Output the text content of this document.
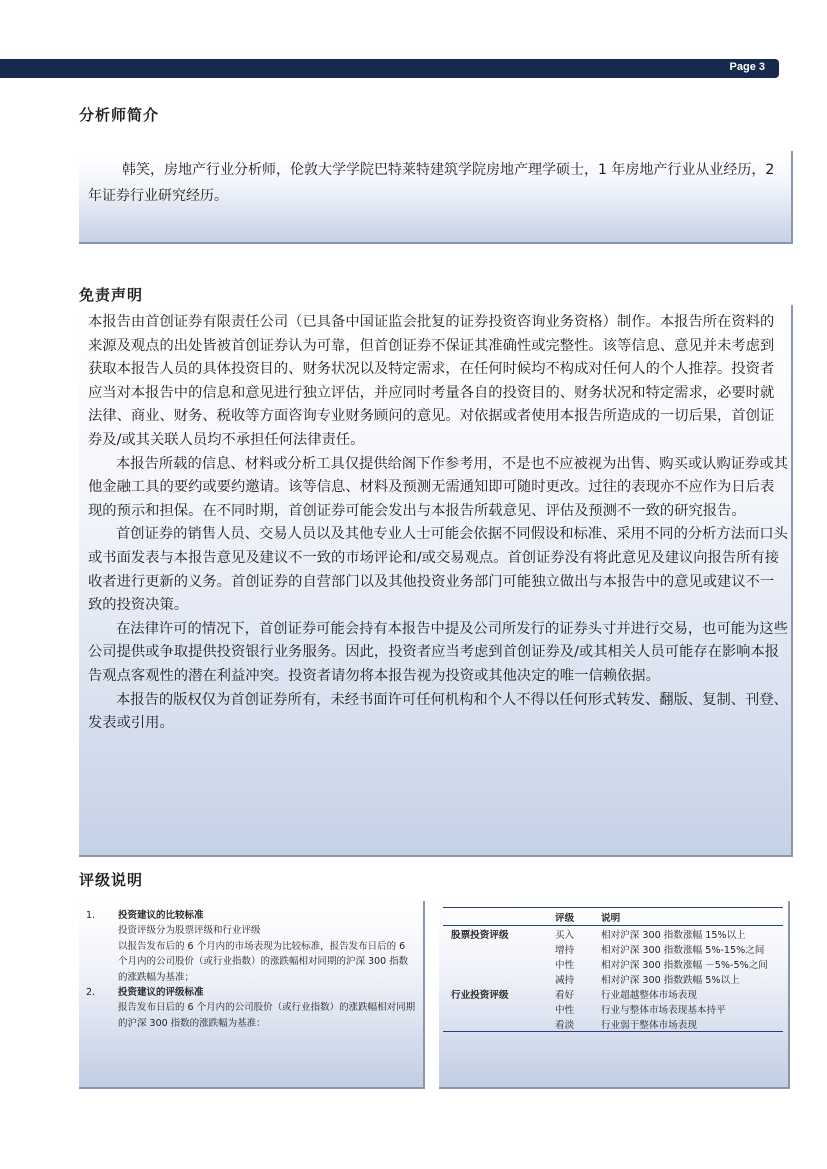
Page 3
分析师简介
韩笑，房地产行业分析师，伦敦大学学院巴特莱特建筑学院房地产理学硕士，1 年房地产行业从业经历，2 年证券行业研究经历。
免责声明

本报告由首创证券有限责任公司（已具备中国证监会批复的证券投资咨询业务资格）制作。本报告所在资料的来源及观点的出处皆被首创证券认为可靠，但首创证券不保证其准确性或完整性。该等信息、意见并未考虑到获取本报告人员的具体投资目的、财务状况以及特定需求，在任何时候均不构成对任何人的个人推荐。投资者应当对本报告中的信息和意见进行独立评估，并应同时考量各自的投资目的、财务状况和特定需求，必要时就法律、商业、财务、税收等方面咨询专业财务顾问的意见。对依据或者使用本报告所造成的一切后果，首创证券及/或其关联人员均不承担任何法律责任。

本报告所载的信息、材料或分析工具仅提供给阁下作参考用，不是也不应被视为出售、购买或认购证券或其他金融工具的要约或要约邀请。该等信息、材料及预测无需通知即可随时更改。过往的表现亦不应作为日后表现的预示和担保。在不同时期，首创证券可能会发出与本报告所载意见、评估及预测不一致的研究报告。

首创证券的销售人员、交易人员以及其他专业人士可能会依据不同假设和标准、采用不同的分析方法而口头或书面发表与本报告意见及建议不一致的市场评论和/或交易观点。首创证券没有将此意见及建议向报告所有接收者进行更新的义务。首创证券的自营部门以及其他投资业务部门可能独立做出与本报告中的意见或建议不一致的投资决策。

在法律许可的情况下，首创证券可能会持有本报告中提及公司所发行的证券头寸并进行交易，也可能为这些公司提供或争取提供投资银行业务服务。因此，投资者应当考虑到首创证券及/或其相关人员可能存在影响本报告观点客观性的潜在利益冲突。投资者请勿将本报告视为投资或其他决定的唯一信赖依据。

本报告的版权仅为首创证券所有，未经书面许可任何机构和个人不得以任何形式转发、翻版、复制、刊登、发表或引用。

评级说明
1.	投资建议的比较标准
投资评级分为股票评级和行业评级
以报告发布后的 6 个月内的市场表现为比较标准，报告发布日后的 6 个月内的公司股价（或行业指数）的涨跌幅相对同期的沪深 300 指数的涨跌幅为基准；
2.	投资建议的评级标准
报告发布日后的 6 个月内的公司股价（或行业指数）的涨跌幅相对同期的沪深 300 指数的涨跌幅为基准：
	评级	说明
股票投资评级	买入	相对沪深 300 指数涨幅 15%以上
	增持	相对沪深 300 指数涨幅 5%-15%之间
	中性	相对沪深 300 指数涨幅 －5%-5%之间
	减持	相对沪深 300 指数跌幅 5%以上
行业投资评级	看好	行业超越整体市场表现
	中性	行业与整体市场表现基本持平
	看淡	行业弱于整体市场表现
